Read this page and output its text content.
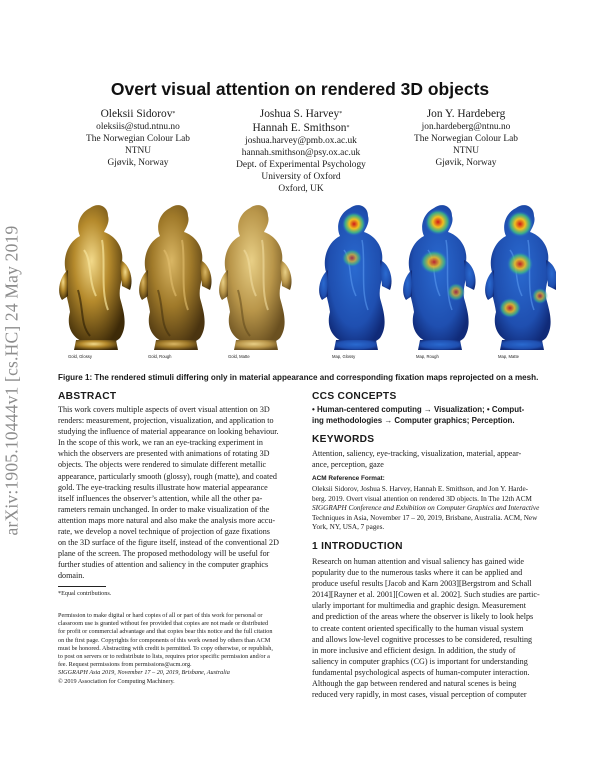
arXiv:1905.10444v1 [cs.HC] 24 May 2019
Overt visual attention on rendered 3D objects
Oleksii Sidorov*
oleksiis@stud.ntnu.no
The Norwegian Colour Lab
NTNU
Gjøvik, Norway
Joshua S. Harvey*
Hannah E. Smithson*
joshua.harvey@pmb.ox.ac.uk
hannah.smithson@psy.ox.ac.uk
Dept. of Experimental Psychology
University of Oxford
Oxford, UK
Jon Y. Hardeberg
jon.hardeberg@ntnu.no
The Norwegian Colour Lab
NTNU
Gjøvik, Norway
Gold, Glossy	Gold, Rough	Gold, Matte	Map, Glossy	Map, Rough	Map, Matte
Figure 1: The rendered stimuli differing only in material appearance and corresponding fixation maps reprojected on a mesh.
ABSTRACT
This work covers multiple aspects of overt visual attention on 3D
renders: measurement, projection, visualization, and application to
studying the influence of material appearance on looking behaviour.
In the scope of this work, we ran an eye-tracking experiment in
which the observers are presented with animations of rotating 3D
objects. The objects were rendered to simulate different metallic
appearance, particularly smooth (glossy), rough (matte), and coated
gold. The eye-tracking results illustrate how material appearance
itself influences the observer’s attention, while all the other pa-
rameters remain unchanged. In order to make visualization of the
attention maps more natural and also make the analysis more accu-
rate, we develop a novel technique of projection of gaze fixations
on the 3D surface of the figure itself, instead of the conventional 2D
plane of the screen. The proposed methodology will be useful for
further studies of attention and saliency in the computer graphics
domain.
*Equal contributions.
Permission to make digital or hard copies of all or part of this work for personal or
classroom use is granted without fee provided that copies are not made or distributed
for profit or commercial advantage and that copies bear this notice and the full citation
on the first page. Copyrights for components of this work owned by others than ACM
must be honored. Abstracting with credit is permitted. To copy otherwise, or republish,
to post on servers or to redistribute to lists, requires prior specific permission and/or a
fee. Request permissions from permissions@acm.org.
SIGGRAPH Asia 2019, November 17 – 20, 2019, Brisbane, Australia
© 2019 Association for Computing Machinery.
CCS CONCEPTS
• Human-centered computing → Visualization; • Comput-
ing methodologies → Computer graphics; Perception.
KEYWORDS
Attention, saliency, eye-tracking, visualization, material, appear-
ance, perception, gaze
ACM Reference Format:
Oleksii Sidorov, Joshua S. Harvey, Hannah E. Smithson, and Jon Y. Harde-
berg. 2019. Overt visual attention on rendered 3D objects. In The 12th ACM
SIGGRAPH Conference and Exhibition on Computer Graphics and Interactive
Techniques in Asia, November 17 – 20, 2019, Brisbane, Australia. ACM, New
York, NY, USA, 7 pages.
1 INTRODUCTION
Research on human attention and visual saliency has gained wide
popularity due to the numerous tasks where it can be applied and
produce useful results [Jacob and Karn 2003][Bergstrom and Schall
2014][Rayner et al. 2001][Cowen et al. 2002]. Such studies are partic-
ularly important for multimedia and graphic design. Measurement
and prediction of the areas where the observer is likely to look helps
to create content oriented specifically to the human visual system
and allows low-level cognitive processes to be considered, resulting
in more inclusive and efficient design. In addition, the study of
saliency in computer graphics (CG) is important for understanding
fundamental psychological aspects of human-computer interaction.
Although the gap between rendered and natural scenes is being
reduced very rapidly, in most cases, visual perception of computer
